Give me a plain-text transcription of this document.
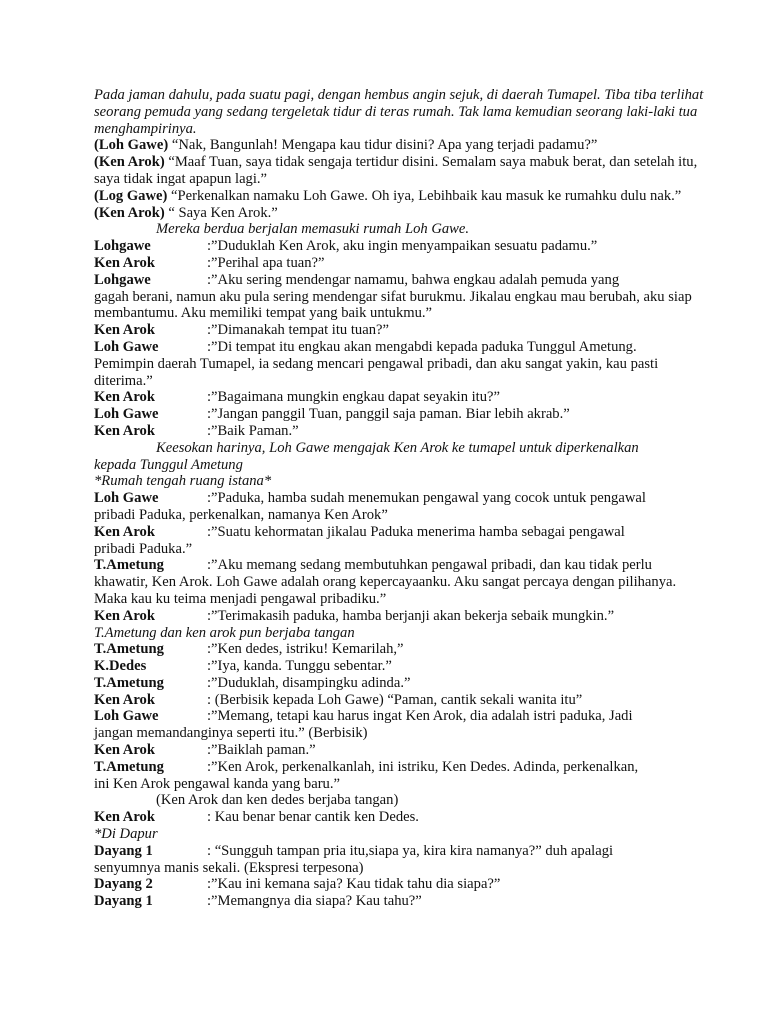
Pada jaman dahulu, pada suatu pagi, dengan hembus angin sejuk, di daerah Tumapel. Tiba tiba terlihat seorang pemuda yang sedang tergeletak tidur di teras rumah. Tak lama kemudian seorang laki-laki tua menghampirinya.
(Loh Gawe) “Nak, Bangunlah! Mengapa kau tidur disini? Apa yang terjadi padamu?”
(Ken Arok) “Maaf Tuan, saya tidak sengaja tertidur disini. Semalam saya mabuk berat, dan setelah itu, saya tidak ingat apapun lagi.”
(Log Gawe) “Perkenalkan namaku Loh Gawe. Oh iya, Lebihbaik kau masuk ke rumahku dulu nak.”
(Ken Arok) “ Saya Ken Arok.”
Mereka berdua berjalan memasuki rumah Loh Gawe.
Lohgawe	:”Duduklah Ken Arok, aku ingin menyampaikan sesuatu padamu.”
Ken Arok	:”Perihal apa tuan?”
Lohgawe	:”Aku sering mendengar namamu, bahwa engkau adalah pemuda yang
gagah berani, namun aku pula sering mendengar sifat burukmu. Jikalau engkau mau berubah, aku siap membantumu. Aku memiliki tempat yang baik untukmu.”
Ken Arok	:”Dimanakah tempat itu tuan?”
Loh Gawe	:”Di tempat itu engkau akan mengabdi kepada paduka Tunggul Ametung.
Pemimpin daerah Tumapel, ia sedang mencari pengawal pribadi, dan aku sangat yakin, kau pasti diterima.”
Ken Arok	:”Bagaimana mungkin engkau dapat seyakin itu?”
Loh Gawe	:”Jangan panggil Tuan, panggil saja paman. Biar lebih akrab.”
Ken Arok	:”Baik Paman.”
Keesokan harinya, Loh Gawe mengajak Ken Arok ke tumapel untuk diperkenalkan
kepada Tunggul Ametung
*Rumah tengah ruang istana*
Loh Gawe	:”Paduka, hamba sudah menemukan pengawal yang cocok untuk pengawal
pribadi Paduka, perkenalkan, namanya Ken Arok”
Ken Arok	:”Suatu kehormatan jikalau Paduka menerima hamba sebagai pengawal
pribadi Paduka.”
T.Ametung	:”Aku memang sedang membutuhkan pengawal pribadi, dan kau tidak perlu
khawatir, Ken Arok. Loh Gawe adalah orang kepercayaanku. Aku sangat percaya dengan pilihanya. Maka kau ku teima menjadi pengawal pribadiku.”
Ken Arok	:”Terimakasih paduka, hamba berjanji akan bekerja sebaik mungkin.”
T.Ametung dan ken arok pun berjaba tangan
T.Ametung	:”Ken dedes, istriku! Kemarilah,”
K.Dedes	:”Iya, kanda. Tunggu sebentar.”
T.Ametung	:”Duduklah, disampingku adinda.”
Ken Arok	: (Berbisik kepada Loh Gawe) “Paman, cantik sekali wanita itu”
Loh Gawe	:”Memang, tetapi kau harus ingat Ken Arok, dia adalah istri paduka, Jadi
jangan memandanginya seperti itu.” (Berbisik)
Ken Arok	:”Baiklah paman.”
T.Ametung	:”Ken Arok, perkenalkanlah, ini istriku, Ken Dedes. Adinda, perkenalkan,
ini Ken Arok pengawal kanda yang baru.”
(Ken Arok dan ken dedes berjaba tangan)
Ken Arok	: Kau benar benar cantik ken Dedes.
*Di Dapur
Dayang 1	: “Sungguh tampan pria itu,siapa ya, kira kira namanya?” duh apalagi
senyumnya manis sekali. (Ekspresi terpesona)
Dayang 2	:”Kau ini kemana saja? Kau tidak tahu dia siapa?”
Dayang 1	:”Memangnya dia siapa? Kau tahu?”
